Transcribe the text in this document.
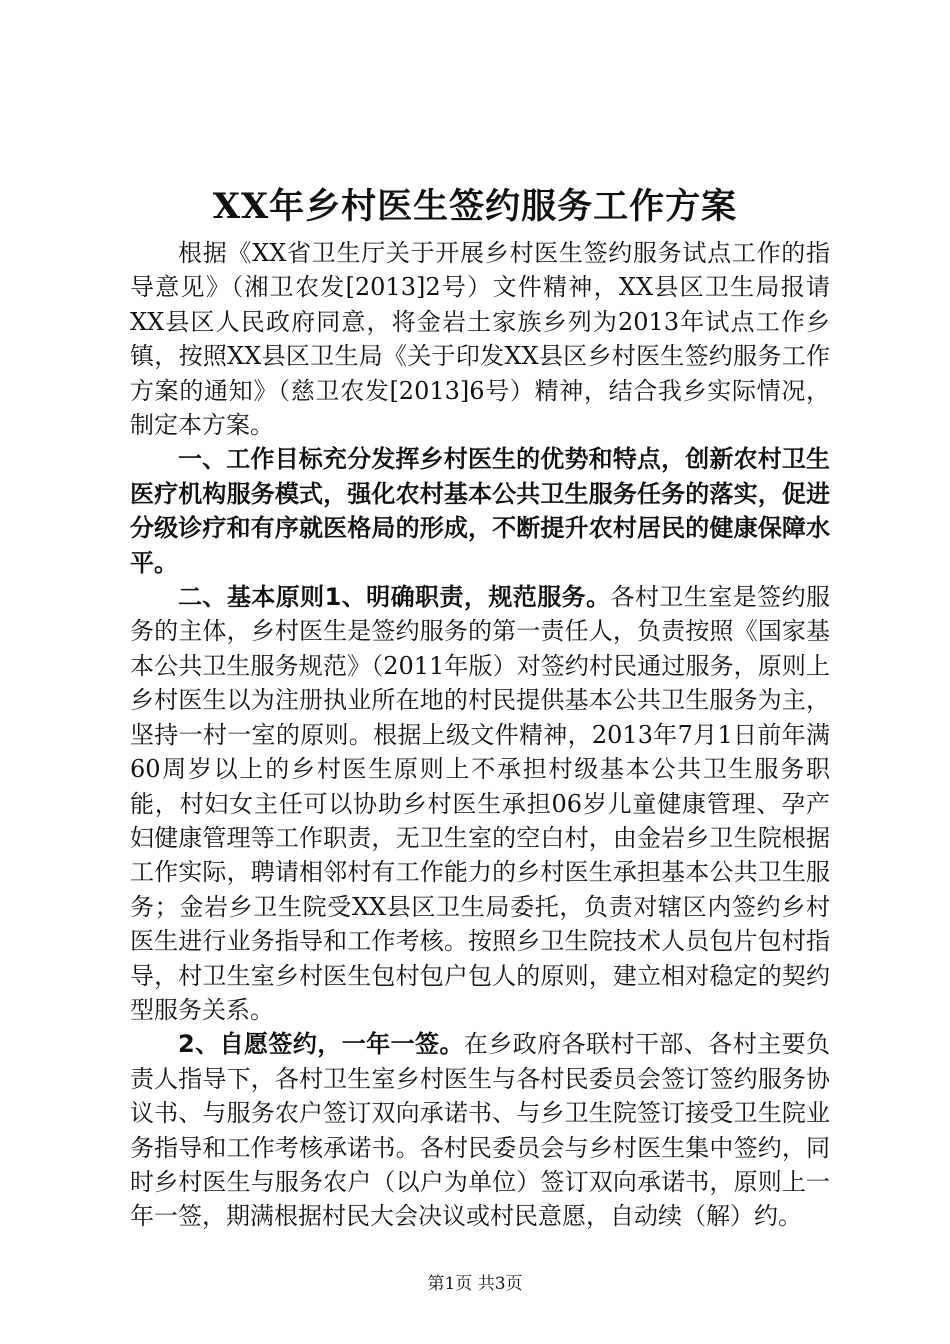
XX年乡村医生签约服务工作方案

根据《XX省卫生厅关于开展乡村医生签约服务试点工作的指导意见》（湘卫农发[2013]2号）文件精神，XX县区卫生局报请XX县区人民政府同意，将金岩土家族乡列为2013年试点工作乡镇，按照XX县区卫生局《关于印发XX县区乡村医生签约服务工作方案的通知》（慈卫农发[2013]6号）精神，结合我乡实际情况，制定本方案。

一、工作目标充分发挥乡村医生的优势和特点，创新农村卫生医疗机构服务模式，强化农村基本公共卫生服务任务的落实，促进分级诊疗和有序就医格局的形成，不断提升农村居民的健康保障水平。

二、基本原则1、明确职责，规范服务。各村卫生室是签约服务的主体，乡村医生是签约服务的第一责任人，负责按照《国家基本公共卫生服务规范》（2011年版）对签约村民通过服务，原则上乡村医生以为注册执业所在地的村民提供基本公共卫生服务为主，坚持一村一室的原则。根据上级文件精神，2013年7月1日前年满60周岁以上的乡村医生原则上不承担村级基本公共卫生服务职能，村妇女主任可以协助乡村医生承担06岁儿童健康管理、孕产妇健康管理等工作职责，无卫生室的空白村，由金岩乡卫生院根据工作实际，聘请相邻村有工作能力的乡村医生承担基本公共卫生服务；金岩乡卫生院受XX县区卫生局委托，负责对辖区内签约乡村医生进行业务指导和工作考核。按照乡卫生院技术人员包片包村指导，村卫生室乡村医生包村包户包人的原则，建立相对稳定的契约型服务关系。

2、自愿签约，一年一签。在乡政府各联村干部、各村主要负责人指导下，各村卫生室乡村医生与各村民委员会签订签约服务协议书、与服务农户签订双向承诺书、与乡卫生院签订接受卫生院业务指导和工作考核承诺书。各村民委员会与乡村医生集中签约，同时乡村医生与服务农户（以户为单位）签订双向承诺书，原则上一年一签，期满根据村民大会决议或村民意愿，自动续（解）约。

第1页 共3页
